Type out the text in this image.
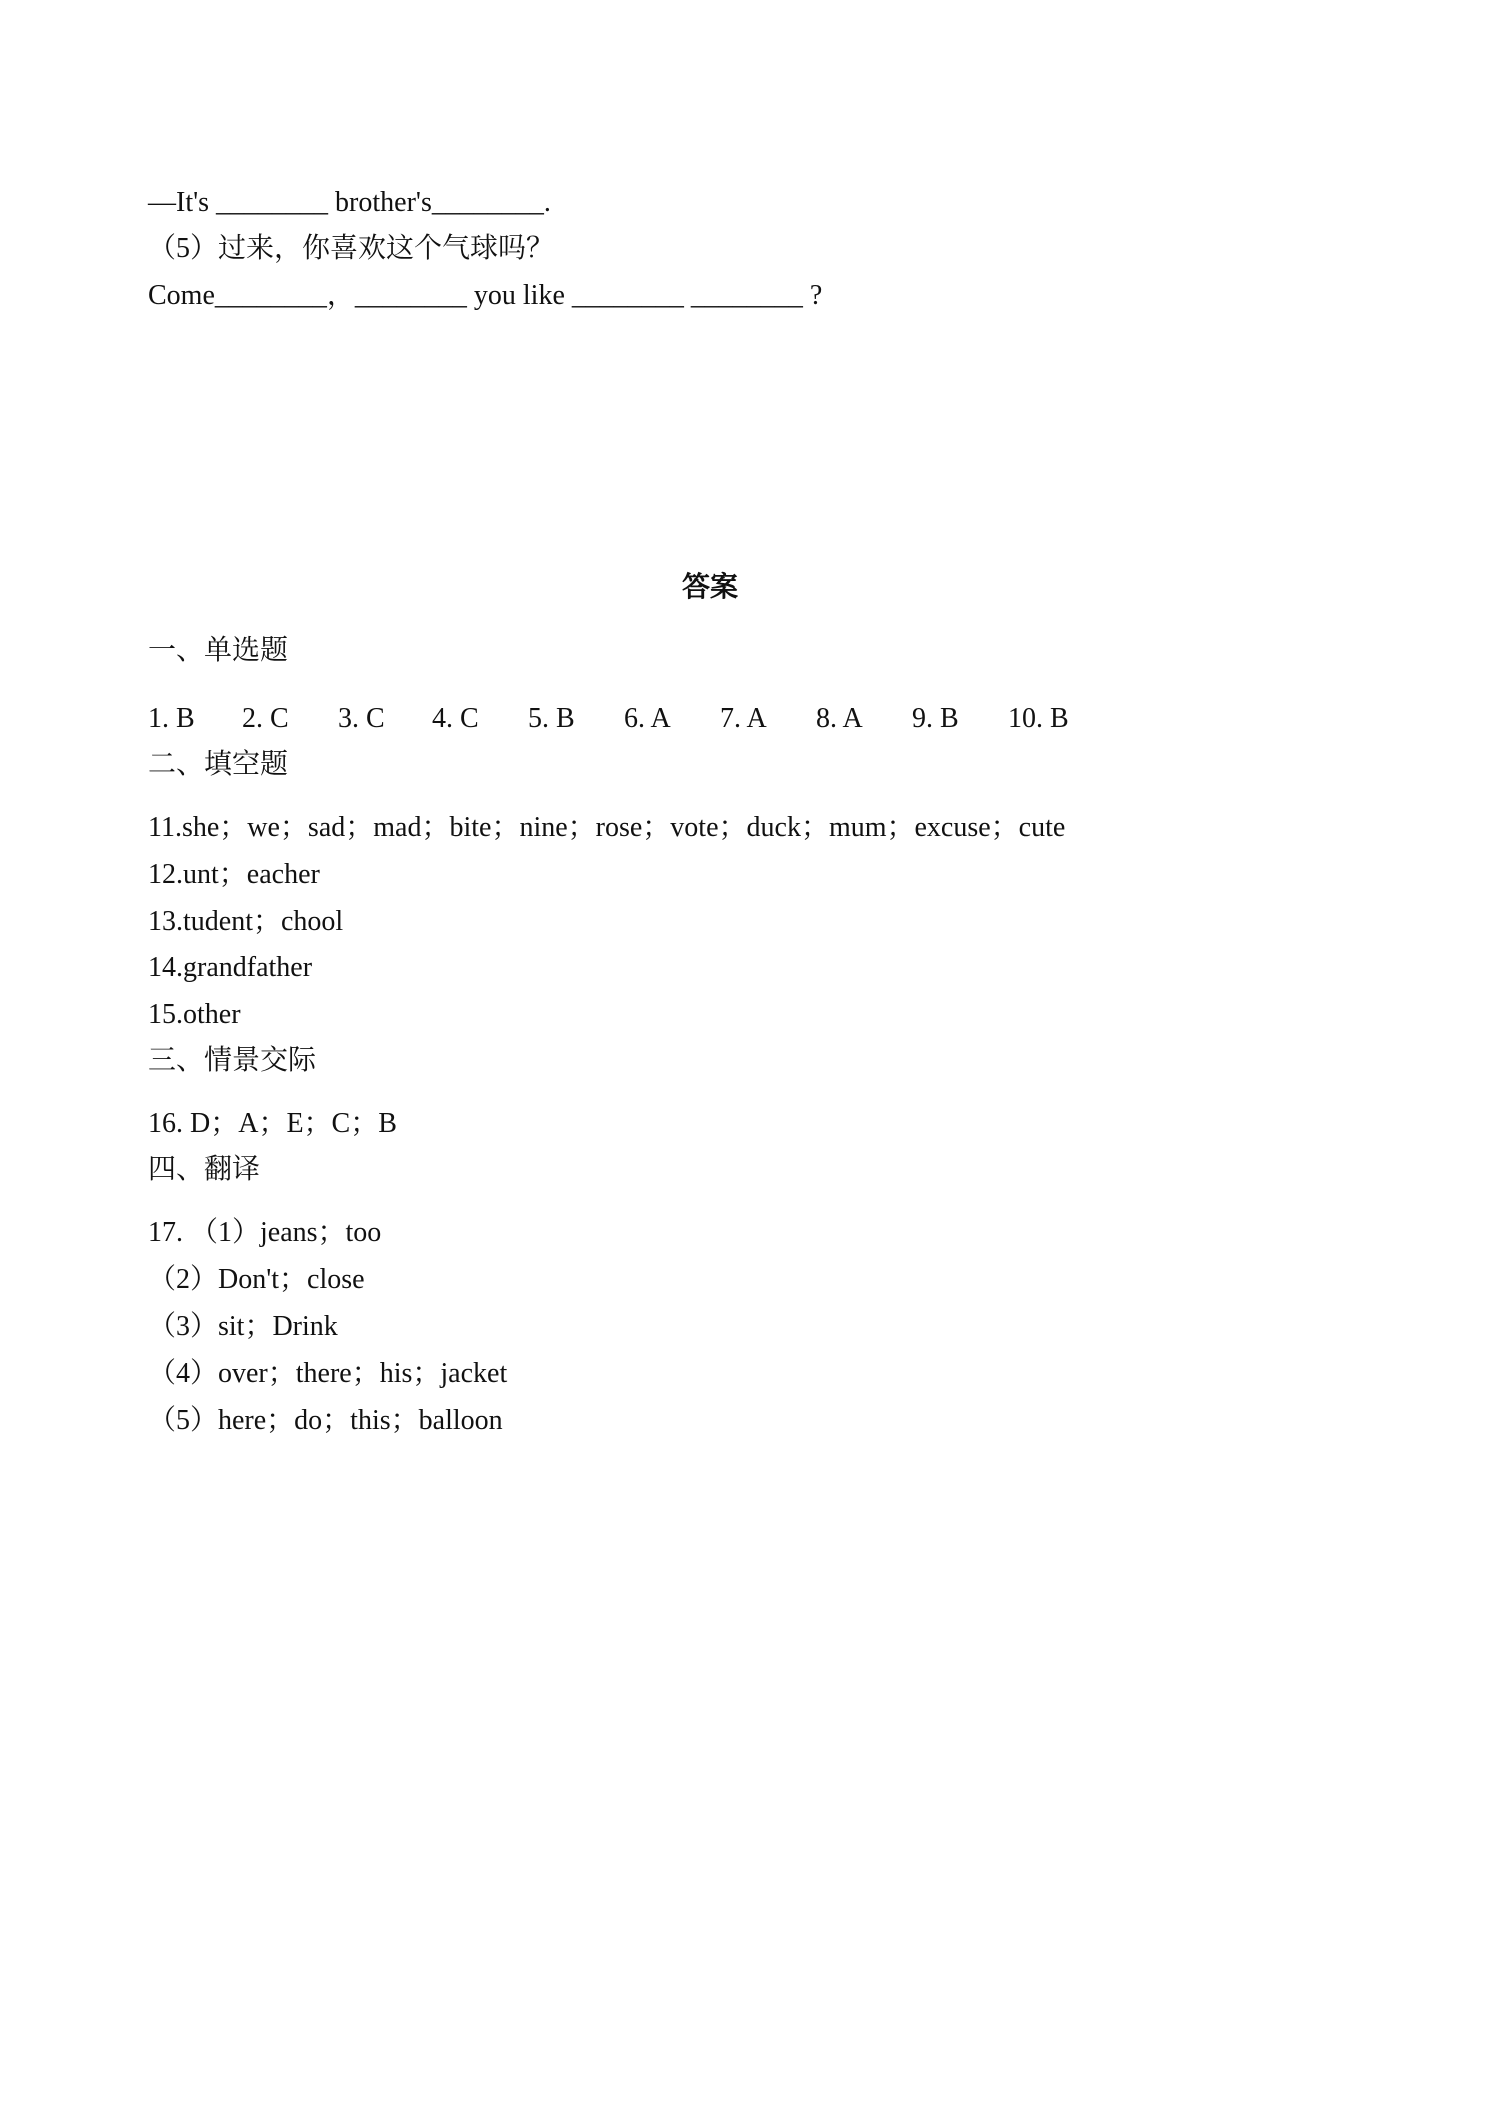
—It's ________ brother's________.
（5）过来，你喜欢这个气球吗？
Come________，________ you like ________ ________ ?
答案
一、单选题
1. B 2. C 3. C 4. C 5. B 6. A 7. A 8. A 9. B 10. B
二、填空题
11.she；we；sad；mad；bite；nine；rose；vote；duck；mum；excuse；cute
12.unt；eacher
13.tudent；chool
14.grandfather
15.other
三、情景交际
16. D；A；E；C；B
四、翻译
17. （1）jeans；too
（2）Don't；close
（3）sit；Drink
（4）over；there；his；jacket
（5）here；do；this；balloon
